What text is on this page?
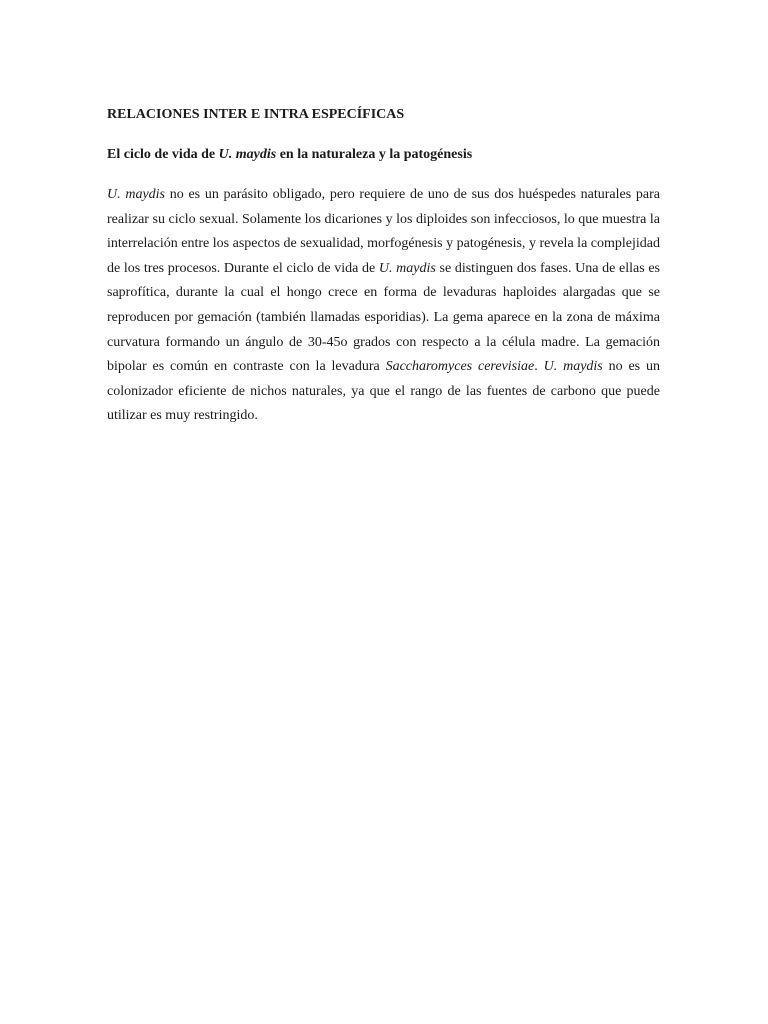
RELACIONES INTER E INTRA ESPECÍFICAS

El ciclo de vida de U. maydis en la naturaleza y la patogénesis

U. maydis no es un parásito obligado, pero requiere de uno de sus dos huéspedes naturales para
realizar su ciclo sexual. Solamente los dicariones y los diploides son infecciosos, lo que muestra la
interrelación entre los aspectos de sexualidad, morfogénesis y patogénesis, y revela la complejidad
de los tres procesos. Durante el ciclo de vida de U. maydis se distinguen dos fases. Una de ellas es
saprofítica, durante la cual el hongo crece en forma de levaduras haploides alargadas que se
reproducen por gemación (también llamadas esporidias). La gema aparece en la zona de máxima
curvatura formando un ángulo de 30-45o grados con respecto a la célula madre. La gemación
bipolar es común en contraste con la levadura Saccharomyces cerevisiae. U. maydis no es un
colonizador eficiente de nichos naturales, ya que el rango de las fuentes de carbono que puede
utilizar es muy restringido.
